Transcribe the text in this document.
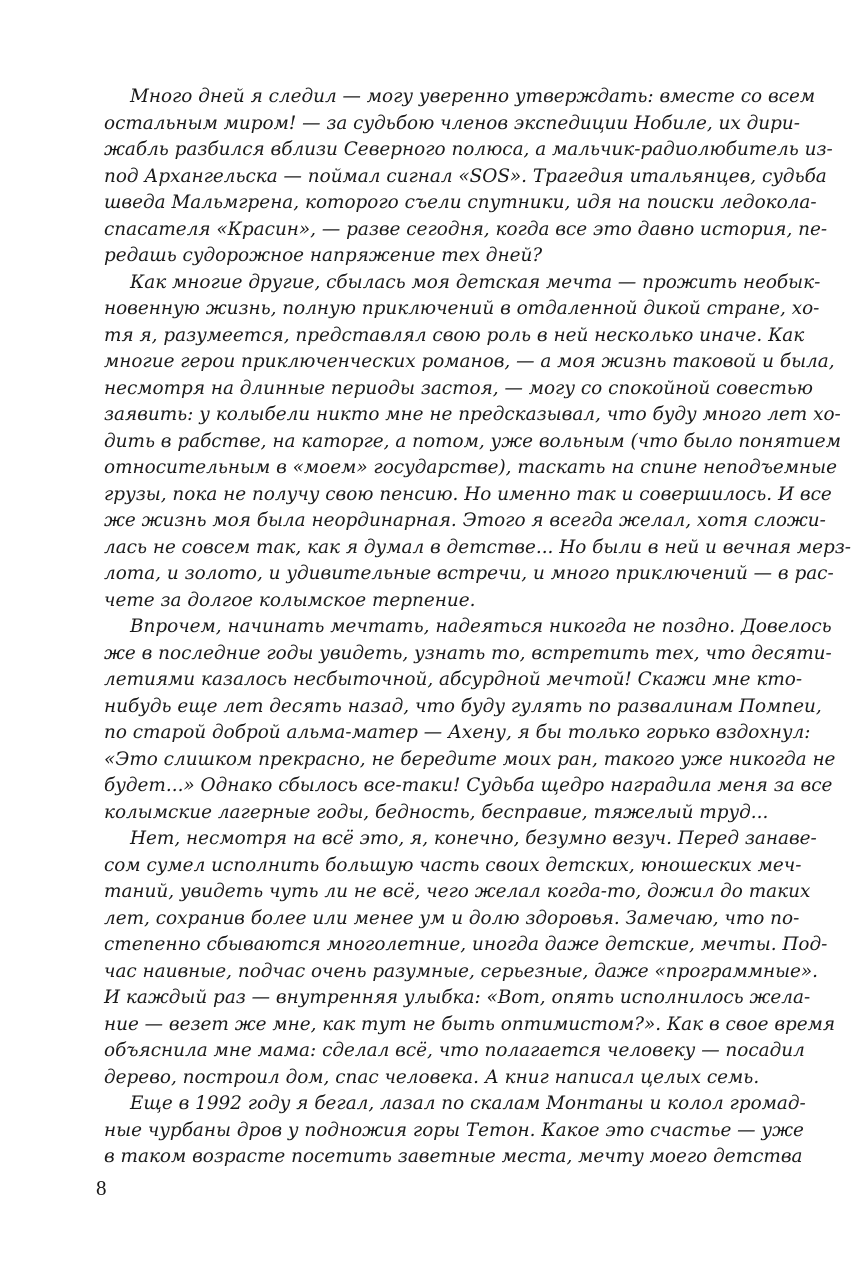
Много дней я следил — могу уверенно утверждать: вместе со всем
остальным миром! — за судьбою членов экспедиции Нобиле, их дири-
жабль разбился вблизи Северного полюса, а мальчик-радиолюбитель из-
под Архангельска — поймал сигнал «SOS». Трагедия итальянцев, судьба
шведа Мальмгрена, которого съели спутники, идя на поиски ледокола-
спасателя «Красин», — разве сегодня, когда все это давно история, пе-
редашь судорожное напряжение тех дней?
Как многие другие, сбылась моя детская мечта — прожить необык-
новенную жизнь, полную приключений в отдаленной дикой стране, хо-
тя я, разумеется, представлял свою роль в ней несколько иначе. Как
многие герои приключенческих романов, — а моя жизнь таковой и была,
несмотря на длинные периоды застоя, — могу со спокойной совестью
заявить: у колыбели никто мне не предсказывал, что буду много лет хо-
дить в рабстве, на каторге, а потом, уже вольным (что было понятием
относительным в «моем» государстве), таскать на спине неподъемные
грузы, пока не получу свою пенсию. Но именно так и совершилось. И все
же жизнь моя была неординарная. Этого я всегда желал, хотя сложи-
лась не совсем так, как я думал в детстве... Но были в ней и вечная мерз-
лота, и золото, и удивительные встречи, и много приключений — в рас-
чете за долгое колымское терпение.
Впрочем, начинать мечтать, надеяться никогда не поздно. Довелось
же в последние годы увидеть, узнать то, встретить тех, что десяти-
летиями казалось несбыточной, абсурдной мечтой! Скажи мне кто-
нибудь еще лет десять назад, что буду гулять по развалинам Помпеи,
по старой доброй альма-матер — Ахену, я бы только горько вздохнул:
«Это слишком прекрасно, не бередите моих ран, такого уже никогда не
будет...» Однако сбылось все-таки! Судьба щедро наградила меня за все
колымские лагерные годы, бедность, бесправие, тяжелый труд...
Нет, несмотря на всё это, я, конечно, безумно везуч. Перед занаве-
сом сумел исполнить большую часть своих детских, юношеских меч-
таний, увидеть чуть ли не всё, чего желал когда-то, дожил до таких
лет, сохранив более или менее ум и долю здоровья. Замечаю, что по-
степенно сбываются многолетние, иногда даже детские, мечты. Под-
час наивные, подчас очень разумные, серьезные, даже «программные».
И каждый раз — внутренняя улыбка: «Вот, опять исполнилось желa-
ние — везет же мне, как тут не быть оптимистом?». Как в свое время
объяснила мне мама: сделал всё, что полагается человеку — посадил
дерево, построил дом, спас человека. А книг написал целых семь.
Еще в 1992 году я бегал, лазал по скалам Монтаны и колол громад-
ные чурбаны дров у подножия горы Тетон. Какое это счастье — уже
в таком возрасте посетить заветные места, мечту моего детства
8
